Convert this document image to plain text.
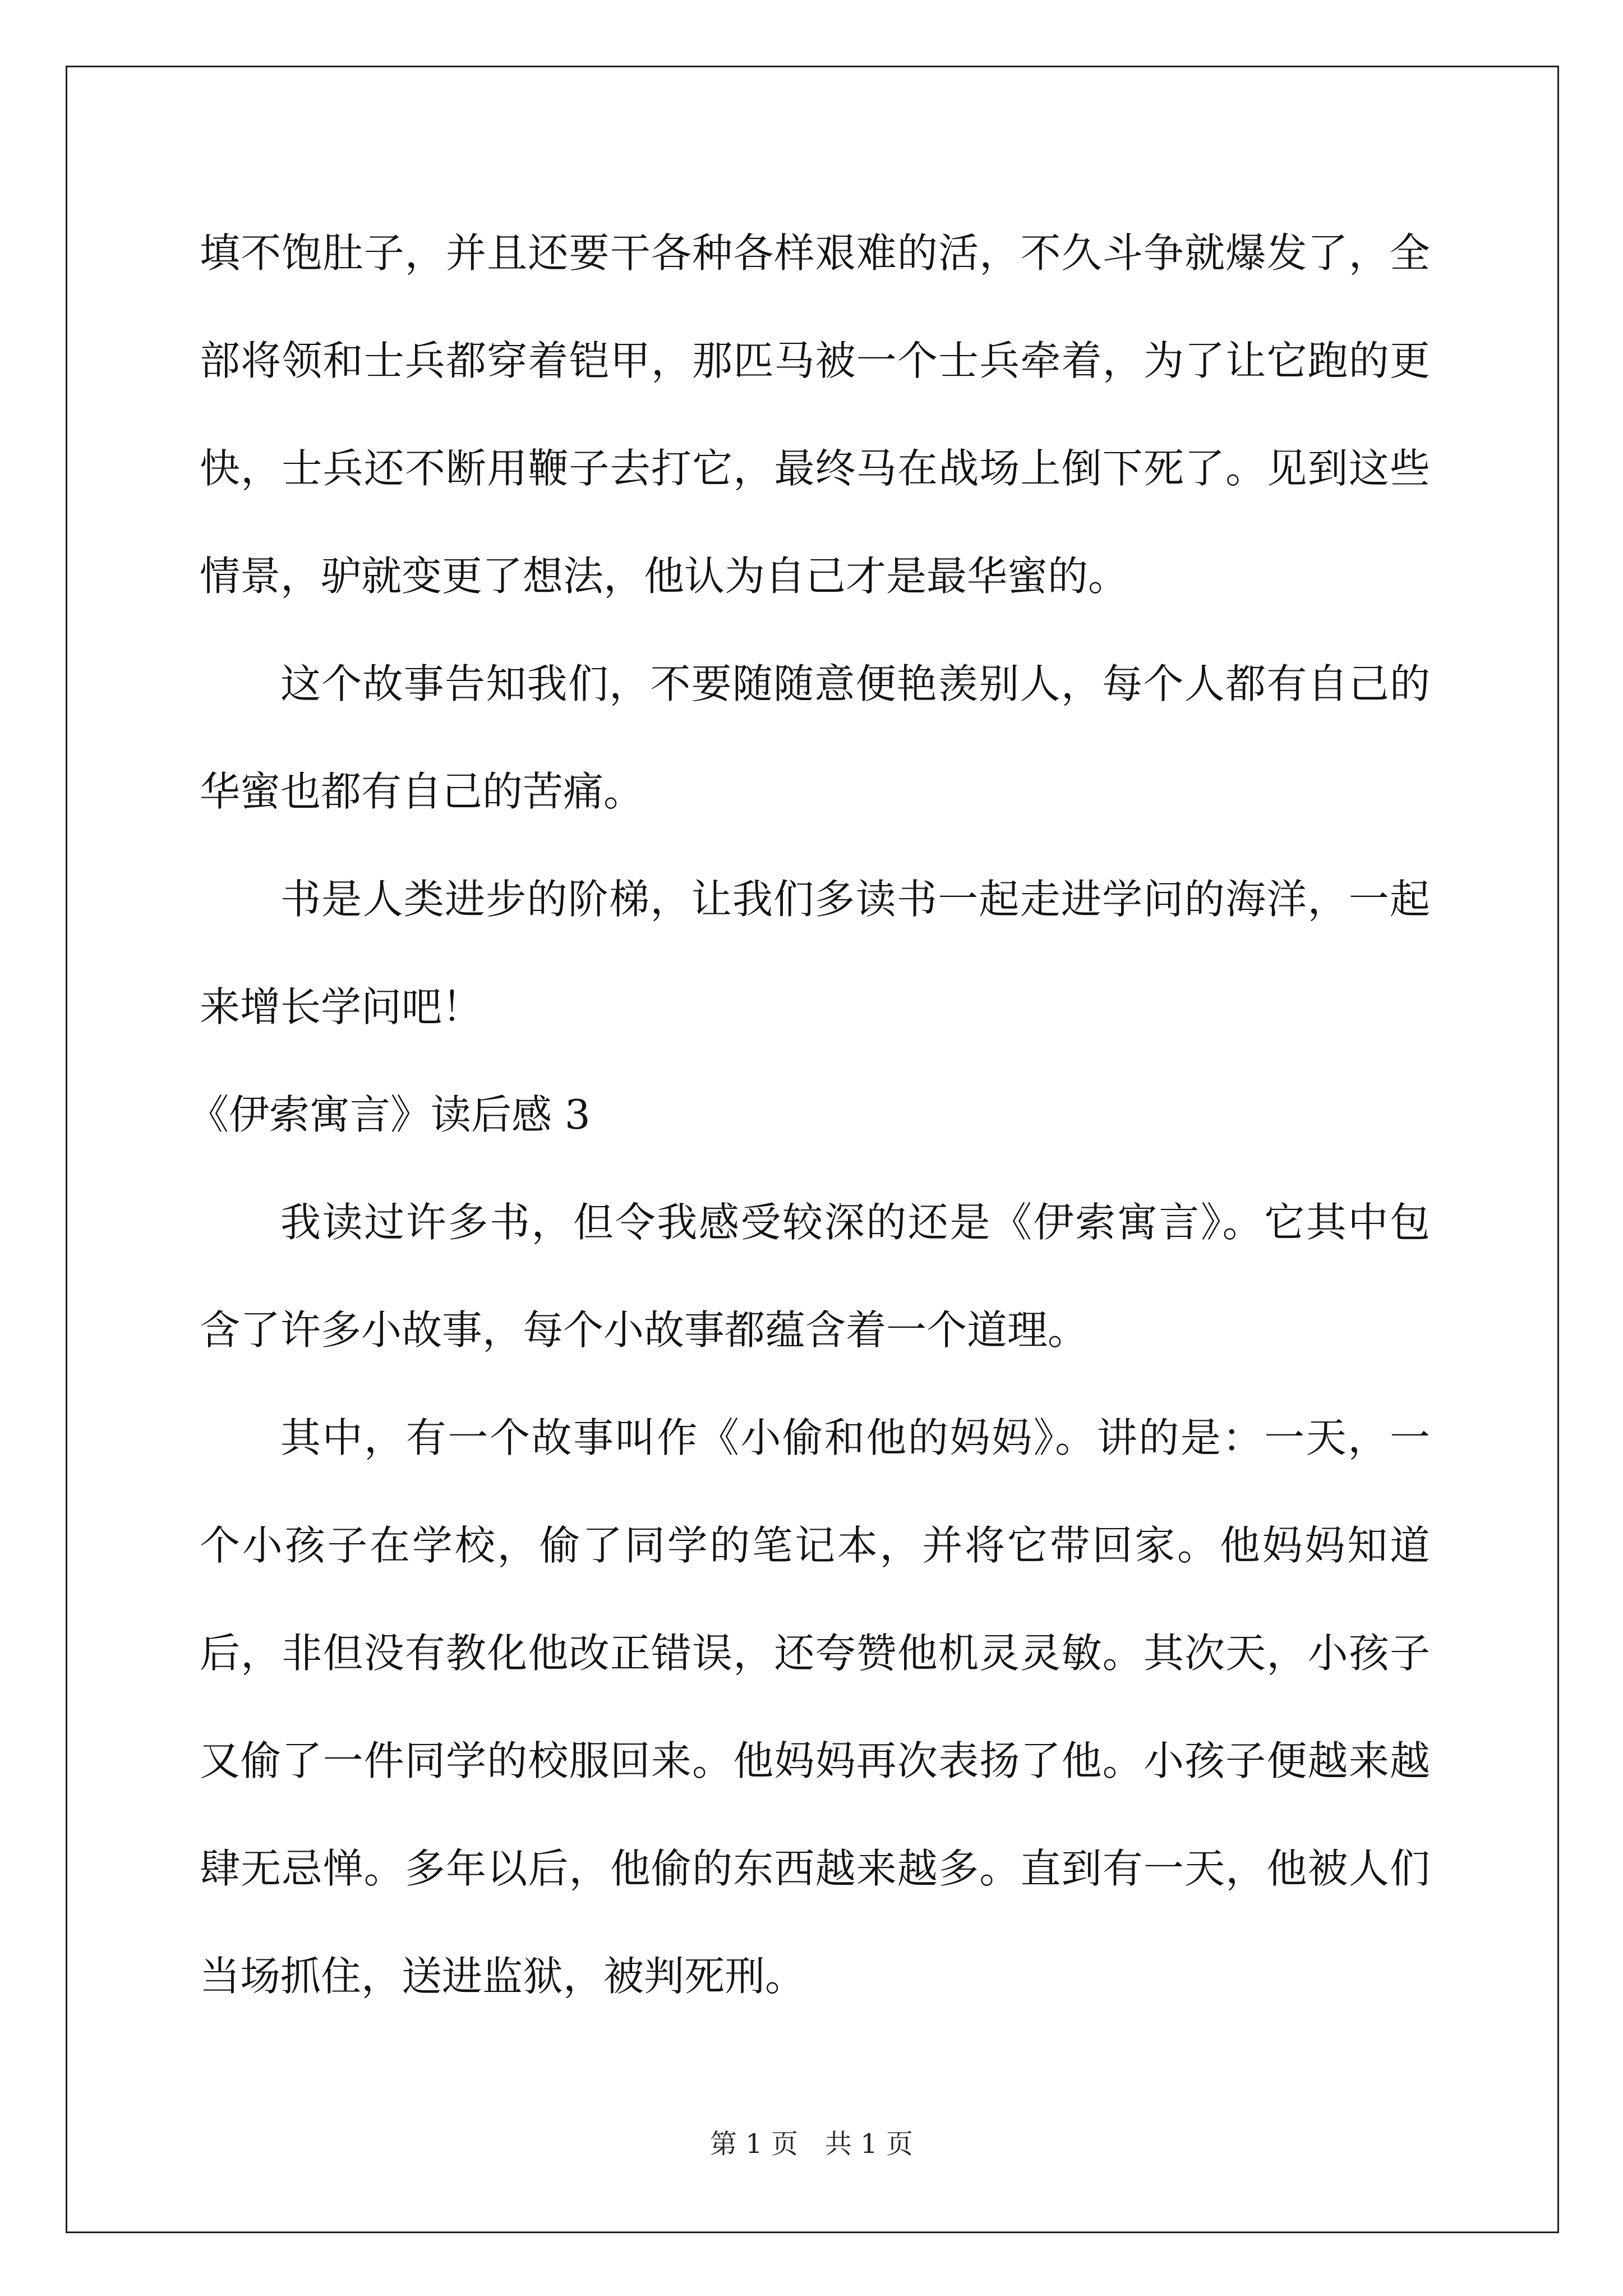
填不饱肚子，并且还要干各种各样艰难的活，不久斗争就爆发了，全部将领和士兵都穿着铠甲，那匹马被一个士兵牵着，为了让它跑的更快，士兵还不断用鞭子去打它，最终马在战场上倒下死了。见到这些情景，驴就变更了想法，他认为自己才是最华蜜的。

这个故事告知我们，不要随随意便艳羡别人，每个人都有自己的华蜜也都有自己的苦痛。

书是人类进步的阶梯，让我们多读书一起走进学问的海洋，一起来增长学问吧！

《伊索寓言》读后感 3

我读过许多书，但令我感受较深的还是《伊索寓言》。它其中包含了许多小故事，每个小故事都蕴含着一个道理。

其中，有一个故事叫作《小偷和他的妈妈》。讲的是：一天，一个小孩子在学校，偷了同学的笔记本，并将它带回家。他妈妈知道后，非但没有教化他改正错误，还夸赞他机灵灵敏。其次天，小孩子又偷了一件同学的校服回来。他妈妈再次表扬了他。小孩子便越来越肆无忌惮。多年以后，他偷的东西越来越多。直到有一天，他被人们当场抓住，送进监狱，被判死刑。

第 1 页 共 1 页
